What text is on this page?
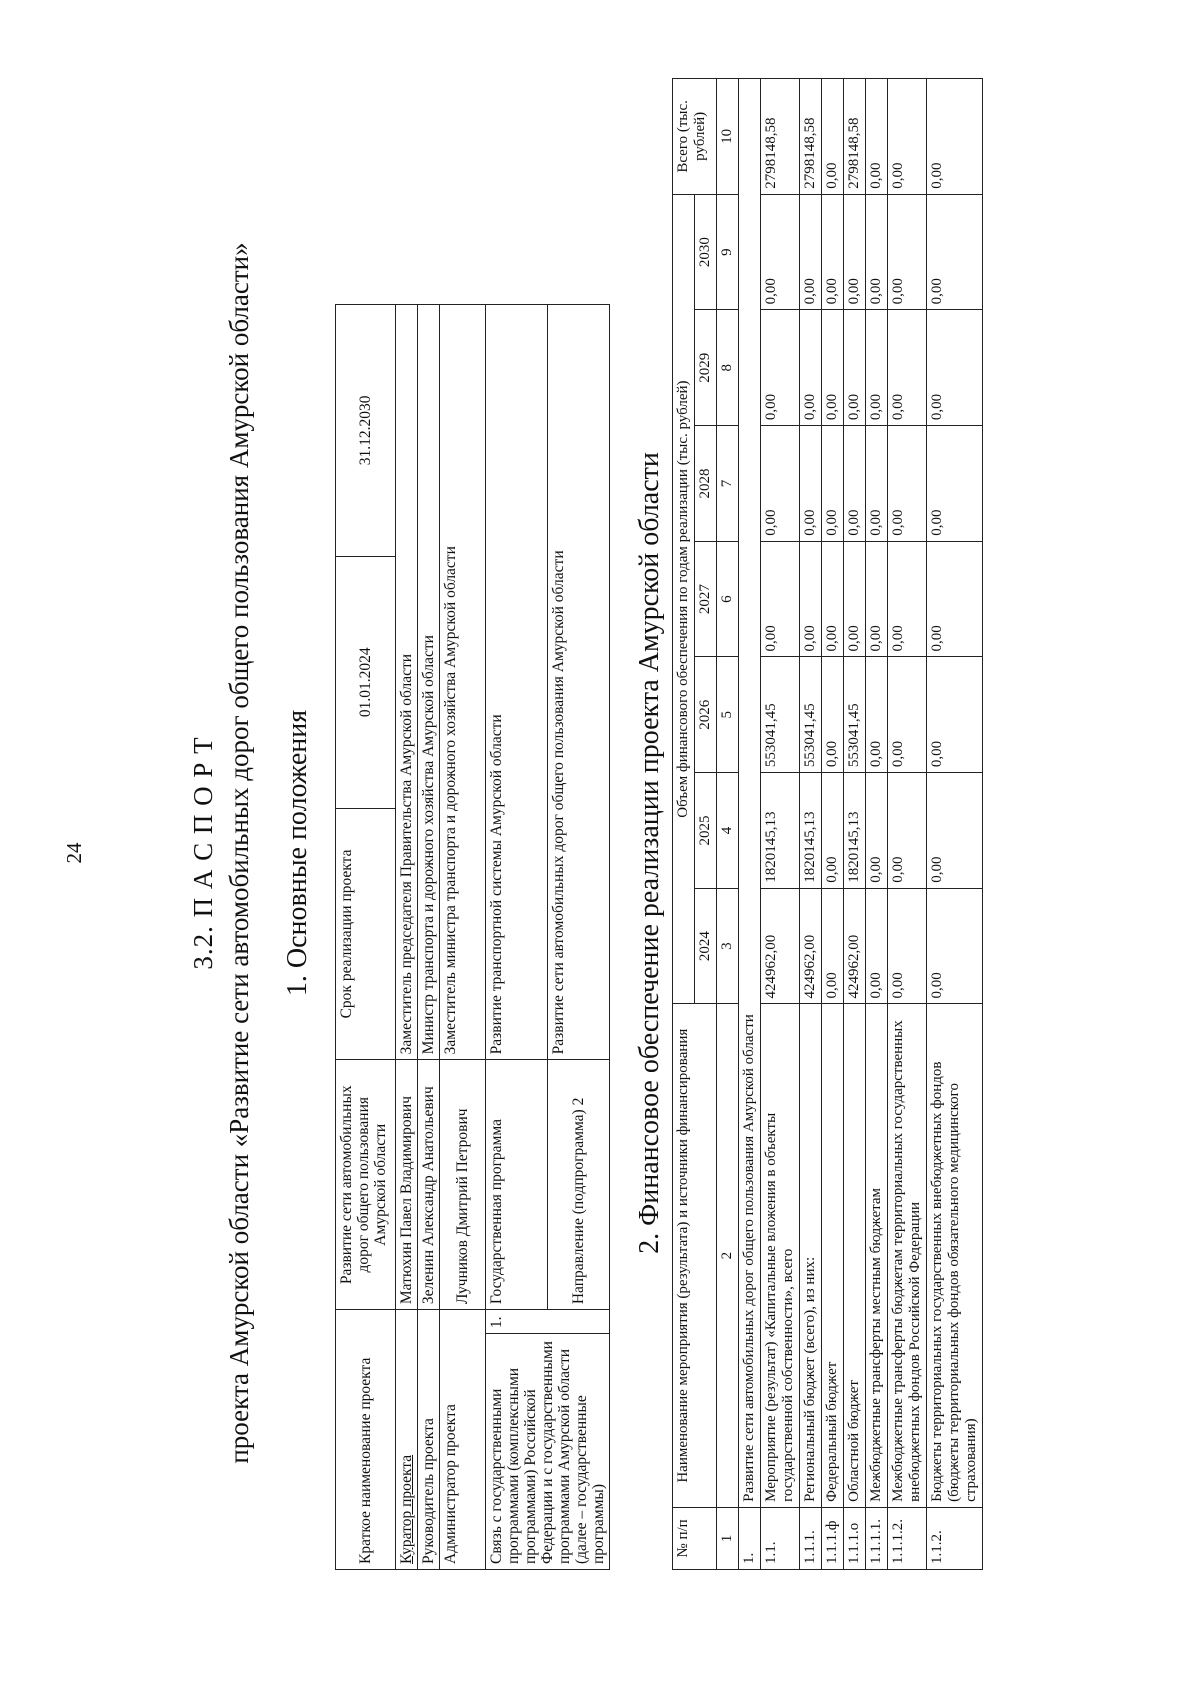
24	3.2. П А С П О Р Т проекта Амурской области «Развитие сети автомобильных дорог общего пользования Амурской области» 1. Основные положения
Краткое наименование проекта		Развитие сети автомобильных дорог общего пользования Амурской области	Срок реализации проекта	01.01.2024	31.12.2030
Куратор проекта		Матюхин Павел Владимирович	Заместитель председателя Правительства Амурской области		
Руководитель проекта		Зеленин Александр Анатольевич	Министр транспорта и дорожного хозяйства Амурской области		
Администратор проекта		Лучников Дмитрий Петрович	Заместитель министра транспорта и дорожного хозяйства Амурской области		
Связь с государственными программами (комплексными программами) Российской Федерации и с государственными программами Амурской области (далее – государственные программы)	1.	Государственная программа	Развитие транспортной системы Амурской области		
		Направление (подпрограмма) 2	Развитие сети автомобильных дорог общего пользования Амурской области		2. Финансовое обеспечение реализации проекта Амурской области
№ п/п	Наименование мероприятия (результата) и источники финансирования	Объем финансового обеспечения по годам реализации (тыс. рублей)							Всего (тыс. рублей)
		2024	2025	2026	2027	2028	2029	2030	
1	2	3	4	5	6	7	8	9	10
1.	Развитие сети автомобильных дорог общего пользования Амурской области								
1.1.	Мероприятие (результат) «Капитальные вложения в объекты государственной собственности», всего	424962,00	1820145,13	553041,45	0,00	0,00	0,00	0,00	2798148,58
1.1.1.	Региональный бюджет (всего), из них:	424962,00	1820145,13	553041,45	0,00	0,00	0,00	0,00	2798148,58
1.1.1.ф	Федеральный бюджет	0,00	0,00	0,00	0,00	0,00	0,00	0,00	0,00
1.1.1.о	Областной бюджет	424962,00	1820145,13	553041,45	0,00	0,00	0,00	0,00	2798148,58
1.1.1.1.	Межбюджетные трансферты местным бюджетам	0,00	0,00	0,00	0,00	0,00	0,00	0,00	0,00
1.1.1.2.	Межбюджетные трансферты бюджетам территориальных государственных внебюджетных фондов Российской Федерации	0,00	0,00	0,00	0,00	0,00	0,00	0,00	0,00
1.1.2.	Бюджеты территориальных государственных внебюджетных фондов (бюджеты территориальных фондов обязательного медицинского страхования)	0,00	0,00	0,00	0,00	0,00	0,00	0,00	0,00
